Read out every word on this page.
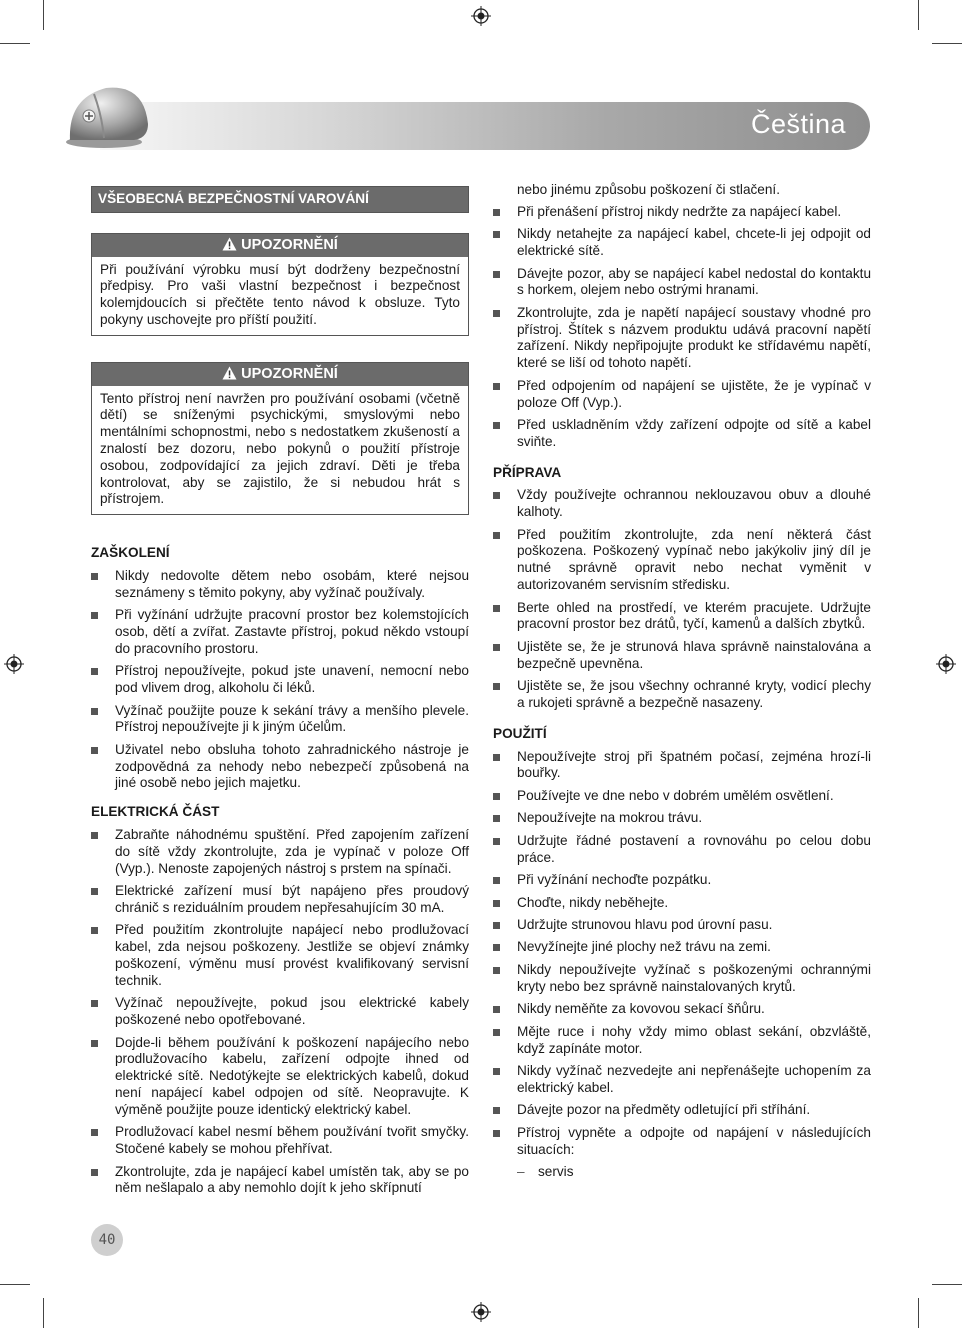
Čeština
VŠEOBECNÁ BEZPEČNOSTNÍ VAROVÁNÍ
UPOZORNĚNÍ
Při používání výrobku musí být dodrženy bezpečnostní předpisy. Pro vaši vlastní bezpečnost i bezpečnost kolemjdoucích si přečtěte tento návod k obsluze. Tyto pokyny uschovejte pro příští použití.
UPOZORNĚNÍ
Tento přístroj není navržen pro používání osobami (včetně dětí) se sníženými psychickými, smyslovými nebo mentálními schopnostmi, nebo s nedostatkem zkušeností a znalostí bez dozoru, nebo pokynů o použití přístroje osobou, zodpovídající za jejich zdraví. Děti je třeba kontrolovat, aby se zajistilo, že si nebudou hrát s přístrojem.
ZAŠKOLENÍ
Nikdy nedovolte dětem nebo osobám, které nejsou seznámeny s těmito pokyny, aby vyžínač používaly.
Při vyžínání udržujte pracovní prostor bez kolemstojících osob, dětí a zvířat. Zastavte přístroj, pokud někdo vstoupí do pracovního prostoru.
Přístroj nepoužívejte, pokud jste unavení, nemocní nebo pod vlivem drog, alkoholu či léků.
Vyžínač použijte pouze k sekání trávy a menšího plevele. Přístroj nepoužívejte ji k jiným účelům.
Uživatel nebo obsluha tohoto zahradnického nástroje je zodpovědná za nehody nebo nebezpečí způsobená na jiné osobě nebo jejich majetku.
ELEKTRICKÁ ČÁST
Zabraňte náhodnému spuštění. Před zapojením zařízení do sítě vždy zkontrolujte, zda je vypínač v poloze Off (Vyp.). Nenoste zapojených nástroj s prstem na spínači.
Elektrické zařízení musí být napájeno přes proudový chránič s reziduálním proudem nepřesahujícím 30 mA.
Před použitím zkontrolujte napájecí nebo prodlužovací kabel, zda nejsou poškozeny. Jestliže se objeví známky poškození, výměnu musí provést kvalifikovaný servisní technik.
Vyžínač nepoužívejte, pokud jsou elektrické kabely poškozené nebo opotřebované.
Dojde-li během používání k poškození napájecího nebo prodlužovacího kabelu, zařízení odpojte ihned od elektrické sítě. Nedotýkejte se elektrických kabelů, dokud není napájecí kabel odpojen od sítě. Neopravujte. K výměně použijte pouze identický elektrický kabel.
Prodlužovací kabel nesmí během používání tvořit smyčky. Stočené kabely se mohou přehřívat.
Zkontrolujte, zda je napájecí kabel umístěn tak, aby se po něm nešlapalo a aby nemohlo dojít k jeho skřípnutí
nebo jinému způsobu poškození či stlačení.
Při přenášení přístroj nikdy nedržte za napájecí kabel.
Nikdy netahejte za napájecí kabel, chcete-li jej odpojit od elektrické sítě.
Dávejte pozor, aby se napájecí kabel nedostal do kontaktu s horkem, olejem nebo ostrými hranami.
Zkontrolujte, zda je napětí napájecí soustavy vhodné pro přístroj. Štítek s názvem produktu udává pracovní napětí zařízení. Nikdy nepřipojujte produkt ke střídavému napětí, které se liší od tohoto napětí.
Před odpojením od napájení se ujistěte, že je vypínač v poloze Off (Vyp.).
Před uskladněním vždy zařízení odpojte od sítě a kabel sviňte.
PŘÍPRAVA
Vždy používejte ochrannou neklouzavou obuv a dlouhé kalhoty.
Před použitím zkontrolujte, zda není některá část poškozena. Poškozený vypínač nebo jakýkoliv jiný díl je nutné správně opravit nebo nechat vyměnit v autorizovaném servisním středisku.
Berte ohled na prostředí, ve kterém pracujete. Udržujte pracovní prostor bez drátů, tyčí, kamenů a dalších zbytků.
Ujistěte se, že je strunová hlava správně nainstalována a bezpečně upevněna.
Ujistěte se, že jsou všechny ochranné kryty, vodicí plechy a rukojeti správně a bezpečně nasazeny.
POUŽITÍ
Nepoužívejte stroj při špatném počasí, zejména hrozí-li bouřky.
Používejte ve dne nebo v dobrém umělém osvětlení.
Nepoužívejte na mokrou trávu.
Udržujte řádné postavení a rovnováhu po celou dobu práce.
Při vyžínání nechoďte pozpátku.
Choďte, nikdy neběhejte.
Udržujte strunovou hlavu pod úrovní pasu.
Nevyžínejte jiné plochy než trávu na zemi.
Nikdy nepoužívejte vyžínač s poškozenými ochrannými kryty nebo bez správně nainstalovaných krytů.
Nikdy neměňte za kovovou sekací šňůru.
Mějte ruce i nohy vždy mimo oblast sekání, obzvláště, když zapínáte motor.
Nikdy vyžínač nezvedejte ani nepřenášejte uchopením za elektrický kabel.
Dávejte pozor na předměty odletující při stříhání.
Přístroj vypněte a odpojte od napájení v následujících situacích:
– servis
40
